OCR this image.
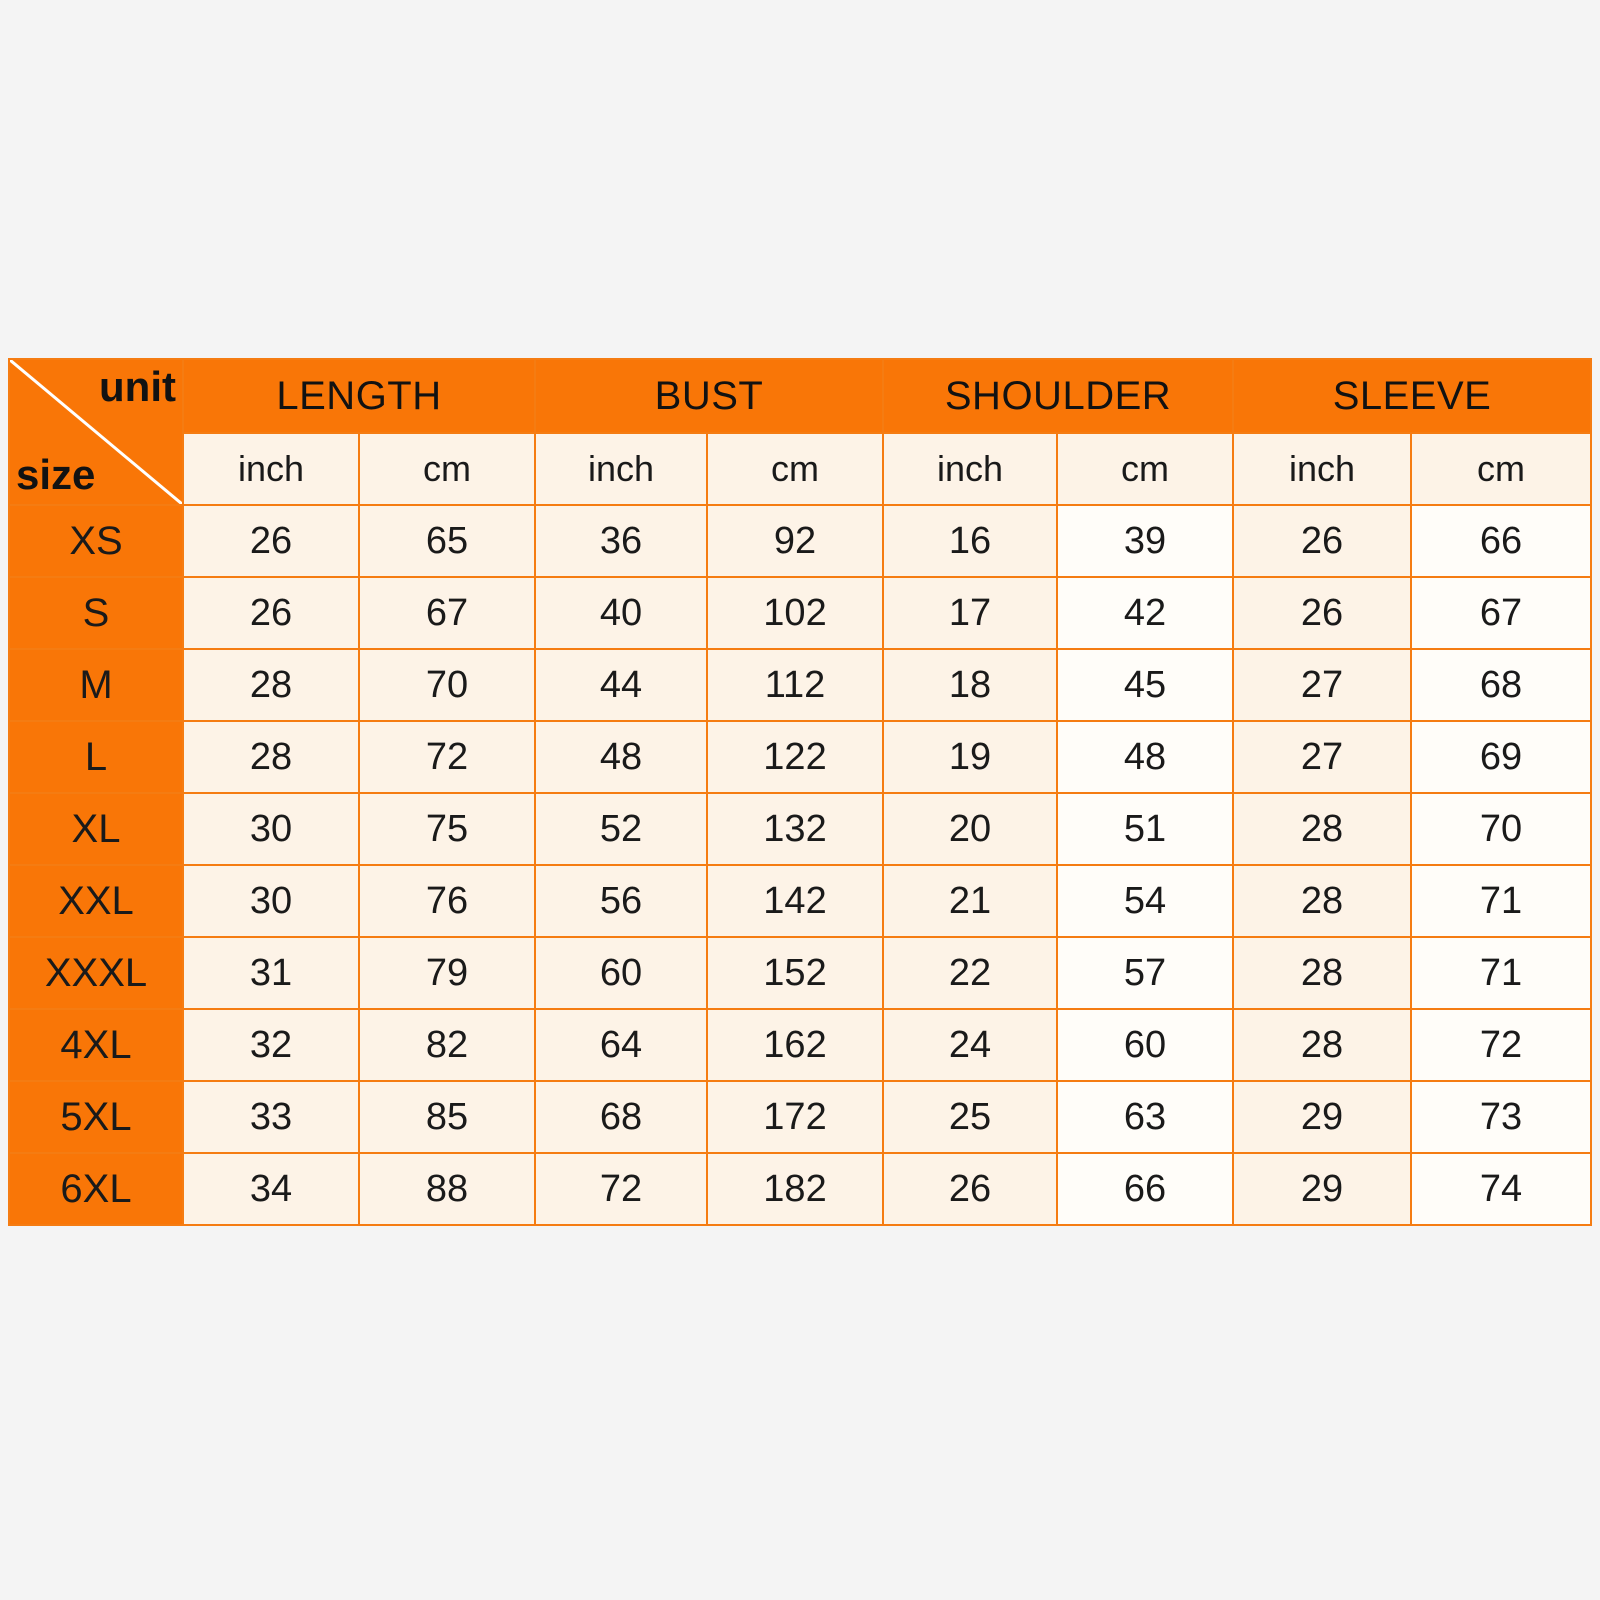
unit
size	LENGTH		BUST		SHOULDER		SLEEVE	
	inch	cm	inch	cm	inch	cm	inch	cm
XS	26	65	36	92	16	39	26	66
S	26	67	40	102	17	42	26	67
M	28	70	44	112	18	45	27	68
L	28	72	48	122	19	48	27	69
XL	30	75	52	132	20	51	28	70
XXL	30	76	56	142	21	54	28	71
XXXL	31	79	60	152	22	57	28	71
4XL	32	82	64	162	24	60	28	72
5XL	33	85	68	172	25	63	29	73
6XL	34	88	72	182	26	66	29	74
